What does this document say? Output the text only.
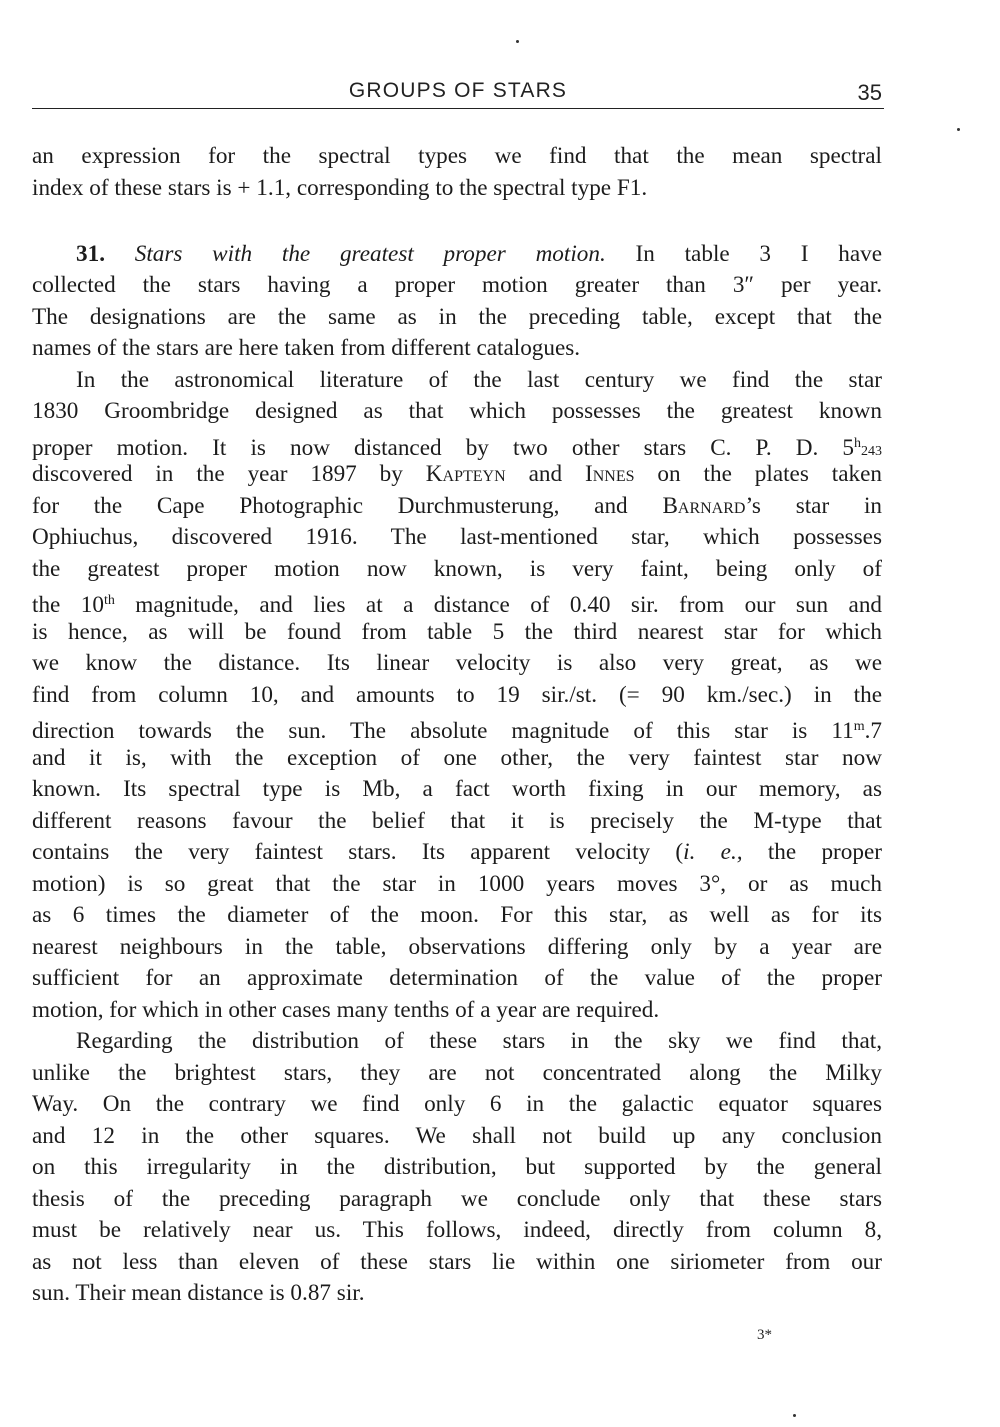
GROUPS OF STARS	35
an expression for the spectral types we find that the mean spectral
index of these stars is + 1.1, corresponding to the spectral type F1.
31. Stars with the greatest proper motion. In table 3 I have
collected the stars having a proper motion greater than 3″ per year.
The designations are the same as in the preceding table, except that the
names of the stars are here taken from different catalogues.
In the astronomical literature of the last century we find the star
1830 Groombridge designed as that which possesses the greatest known
proper motion. It is now distanced by two other stars C. P. D. 5$^h$243
discovered in the year 1897 by Kapteyn and Innes on the plates taken
for the Cape Photographic Durchmusterung, and Barnard’s star in
Ophiuchus, discovered 1916. The last-mentioned star, which possesses
the greatest proper motion now known, is very faint, being only of
the 10th magnitude, and lies at a distance of 0.40 sir. from our sun and
is hence, as will be found from table 5 the third nearest star for which
we know the distance. Its linear velocity is also very great, as we
find from column 10, and amounts to 19 sir./st. (= 90 km./sec.) in the
direction towards the sun. The absolute magnitude of this star is 11$^m$.7
and it is, with the exception of one other, the very faintest star now
known. Its spectral type is Mb, a fact worth fixing in our memory, as
different reasons favour the belief that it is precisely the M-type that
contains the very faintest stars. Its apparent velocity (i. e., the proper
motion) is so great that the star in 1000 years moves 3°, or as much
as 6 times the diameter of the moon. For this star, as well as for its
nearest neighbours in the table, observations differing only by a year are
sufficient for an approximate determination of the value of the proper
motion, for which in other cases many tenths of a year are required.
Regarding the distribution of these stars in the sky we find that,
unlike the brightest stars, they are not concentrated along the Milky
Way. On the contrary we find only 6 in the galactic equator squares
and 12 in the other squares. We shall not build up any conclusion
on this irregularity in the distribution, but supported by the general
thesis of the preceding paragraph we conclude only that these stars
must be relatively near us. This follows, indeed, directly from column 8,
as not less than eleven of these stars lie within one siriometer from our
sun. Their mean distance is 0.87 sir.
3*
